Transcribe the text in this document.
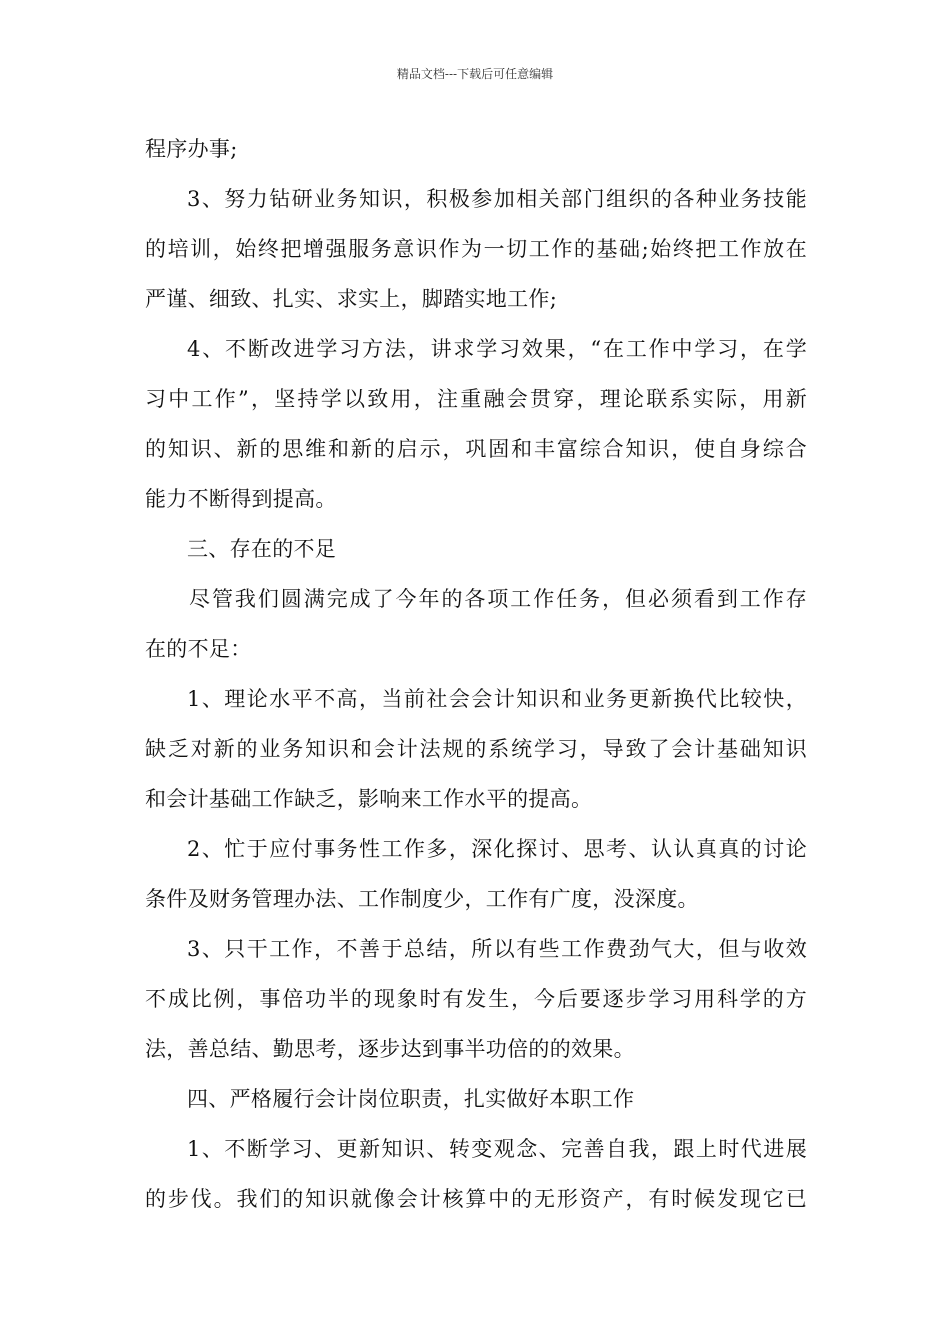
精品文档---下载后可任意编辑
程序办事;
3、努力钻研业务知识，积极参加相关部门组织的各种业务技能
的培训，始终把增强服务意识作为一切工作的基础;始终把工作放在
严谨、细致、扎实、求实上，脚踏实地工作;
4、不断改进学习方法，讲求学习效果，“在工作中学习，在学
习中工作”，坚持学以致用，注重融会贯穿，理论联系实际，用新
的知识、新的思维和新的启示，巩固和丰富综合知识，使自身综合
能力不断得到提高。
三、存在的不足
尽管我们圆满完成了今年的各项工作任务，但必须看到工作存
在的不足：
1、理论水平不高，当前社会会计知识和业务更新换代比较快，
缺乏对新的业务知识和会计法规的系统学习，导致了会计基础知识
和会计基础工作缺乏，影响来工作水平的提高。
2、忙于应付事务性工作多，深化探讨、思考、认认真真的讨论
条件及财务管理办法、工作制度少，工作有广度，没深度。
3、只干工作，不善于总结，所以有些工作费劲气大，但与收效
不成比例，事倍功半的现象时有发生，今后要逐步学习用科学的方
法，善总结、勤思考，逐步达到事半功倍的的效果。
四、严格履行会计岗位职责，扎实做好本职工作
1、不断学习、更新知识、转变观念、完善自我，跟上时代进展
的步伐。我们的知识就像会计核算中的无形资产，有时候发现它已
